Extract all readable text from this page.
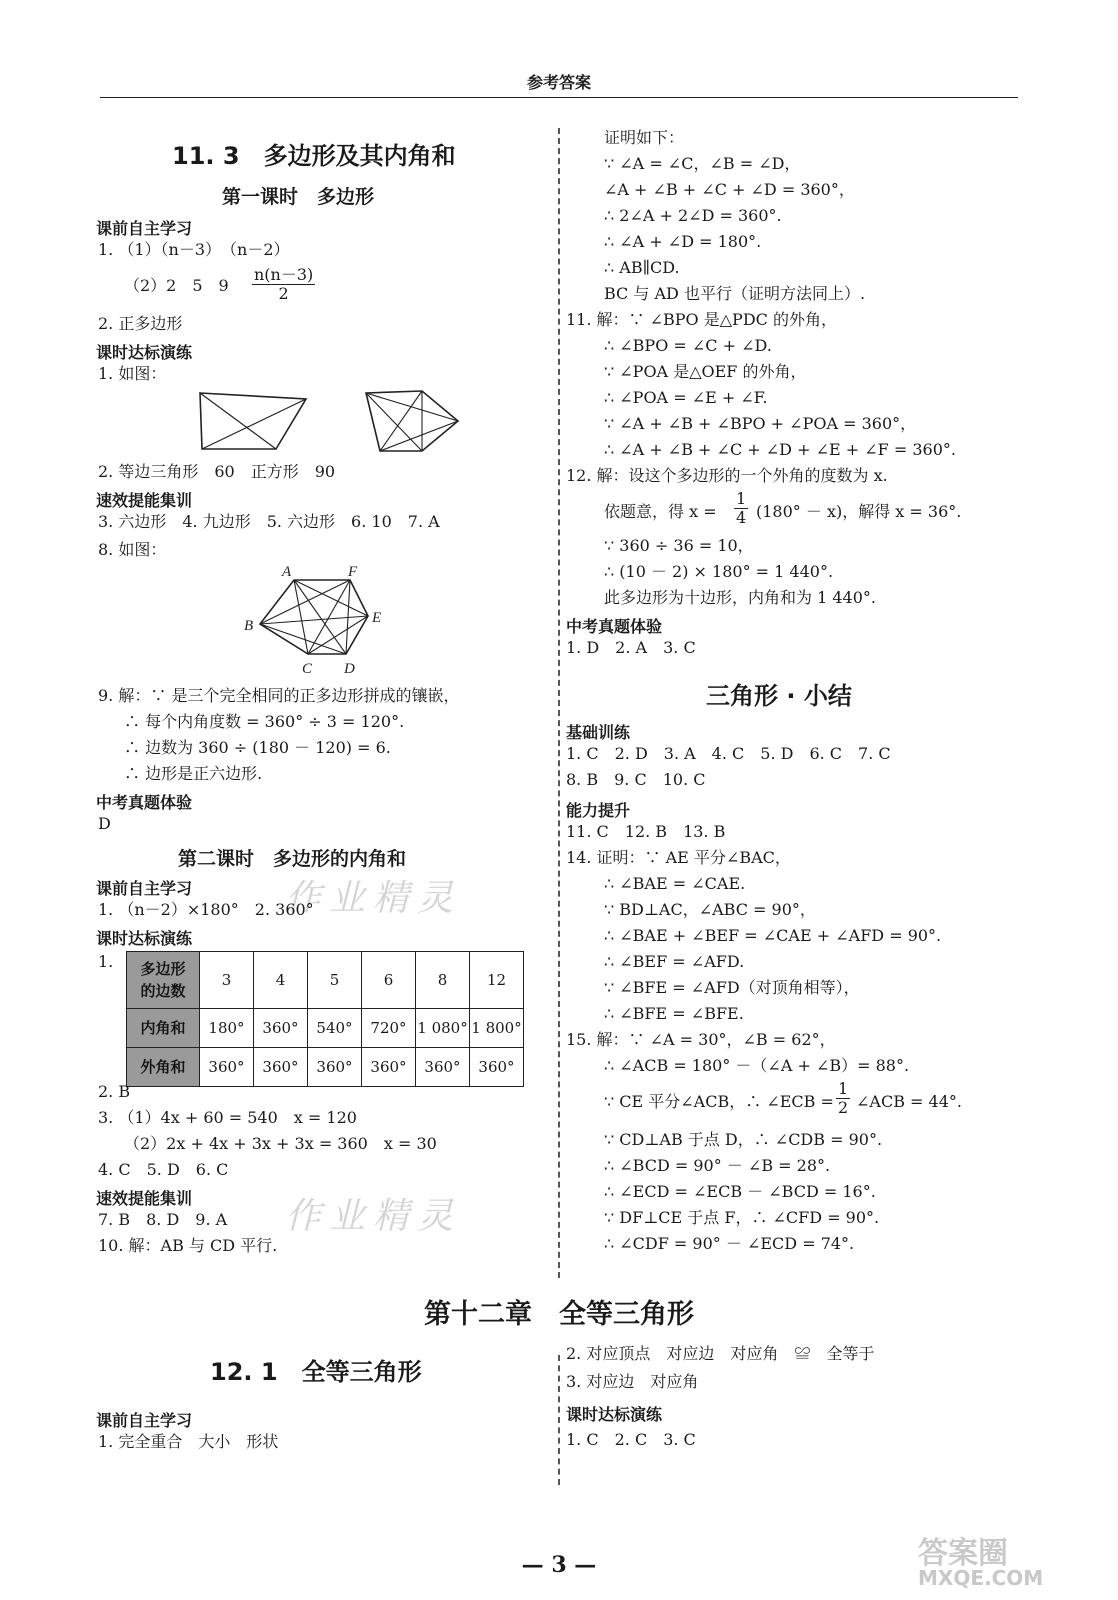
参考答案
作业精灵
作业精灵
11. 3　多边形及其内角和
第一课时　多边形
课前自主学习
1. （1）（n－3）　（n－2）
（2）2　5　$9 \frac{n(n-3)}{2}$
2. 正多边形
课时达标演练
1. 如图：
2. 等边三角形　60　正方形　90
速效提能集训
3. 六边形　4. 九边形　5. 六边形　6. 10　7. A
8. 如图：
A	F
E
D
C
B
9. 解：∵ 是三个完全相同的正多边形拼成的镶嵌，
∴ 每个内角度数 = 360° ÷ 3 = 120°.
∴ 边数为 360 ÷ (180 － 120) = 6.
∴ 边形是正六边形.
中考真题体验
D
第二课时　多边形的内角和
课前自主学习
1. （n－2）×180°　2. 360°
课时达标演练
1. 多边形的边数	3	4	5	6	8	12
内角和	180°	360°	540°	720°	1 080°	1 800°
外角和	360°	360°	360°	360°	360°	360°
2. B
3. （1）4x + 60 = 540　x = 120
（2）2x + 4x + 3x + 3x = 360　x = 30
4. C　5. D　6. C
速效提能集训
7. B　8. D　9. A
10. 解：AB 与 CD 平行.
证明如下：
∵ ∠A = ∠C，∠B = ∠D，
∠A + ∠B + ∠C + ∠D = 360°，
∴ 2∠A + 2∠D = 360°.
∴ ∠A + ∠D = 180°.
∴ AB∥CD.
BC 与 AD 也平行（证明方法同上）.
11. 解：∵ ∠BPO 是△PDC 的外角，
∴ ∠BPO = ∠C + ∠D.
∵ ∠POA 是△OEF 的外角，
∴ ∠POA = ∠E + ∠F.
∵ ∠A + ∠B + ∠BPO + ∠POA = 360°，
∴ ∠A + ∠B + ∠C + ∠D + ∠E + ∠F = 360°.
12. 解：设这个多边形的一个外角的度数为 x.
依题意，得 $x = \frac{1}{4} (180^\circ - x)$，解得 x = 36°.
∵ 360 ÷ 36 = 10，
∴ (10 － 2) × 180° = 1 440°.
此多边形为十边形，内角和为 1 440°.
中考真题体验
1. D　2. A　3. C
三角形 · 小结
基础训练
1. C　2. D　3. A　4. C　5. D　6. C　7. C
8. B　9. C　10. C
能力提升
11. C　12. B　13. B
14. 证明：∵ AE 平分∠BAC，
∴ ∠BAE = ∠CAE.
∵ BD⊥AC，∠ABC = 90°，
∴ ∠BAE + ∠BEF = ∠CAE + ∠AFD = 90°.
∴ ∠BEF = ∠AFD.
∵ ∠BFE = ∠AFD（对顶角相等），
∴ ∠BFE = ∠BFE.
15. 解：∵ ∠A = 30°，∠B = 62°，
∴ ∠ACB = 180° －（∠A + ∠B）= 88°.
∵ CE 平分∠ACB，∴ ∠ECB = $\frac{1}{2}$ ∠ACB = 44°.
∵ CD⊥AB 于点 D，∴ ∠CDB = 90°.
∴ ∠BCD = 90° － ∠B = 28°.
∴ ∠ECD = ∠ECB － ∠BCD = 16°.
∵ DF⊥CE 于点 F，∴ ∠CFD = 90°.
∴ ∠CDF = 90° － ∠ECD = 74°.
第十二章　全等三角形
12. 1　全等三角形
课前自主学习
1. 完全重合　大小　形状
2. 对应顶点　对应边　对应角　≌　全等于
3. 对应边　对应角
课时达标演练
1. C　2. C　3. C
— 3 —	答案圈
MXQE.COM
